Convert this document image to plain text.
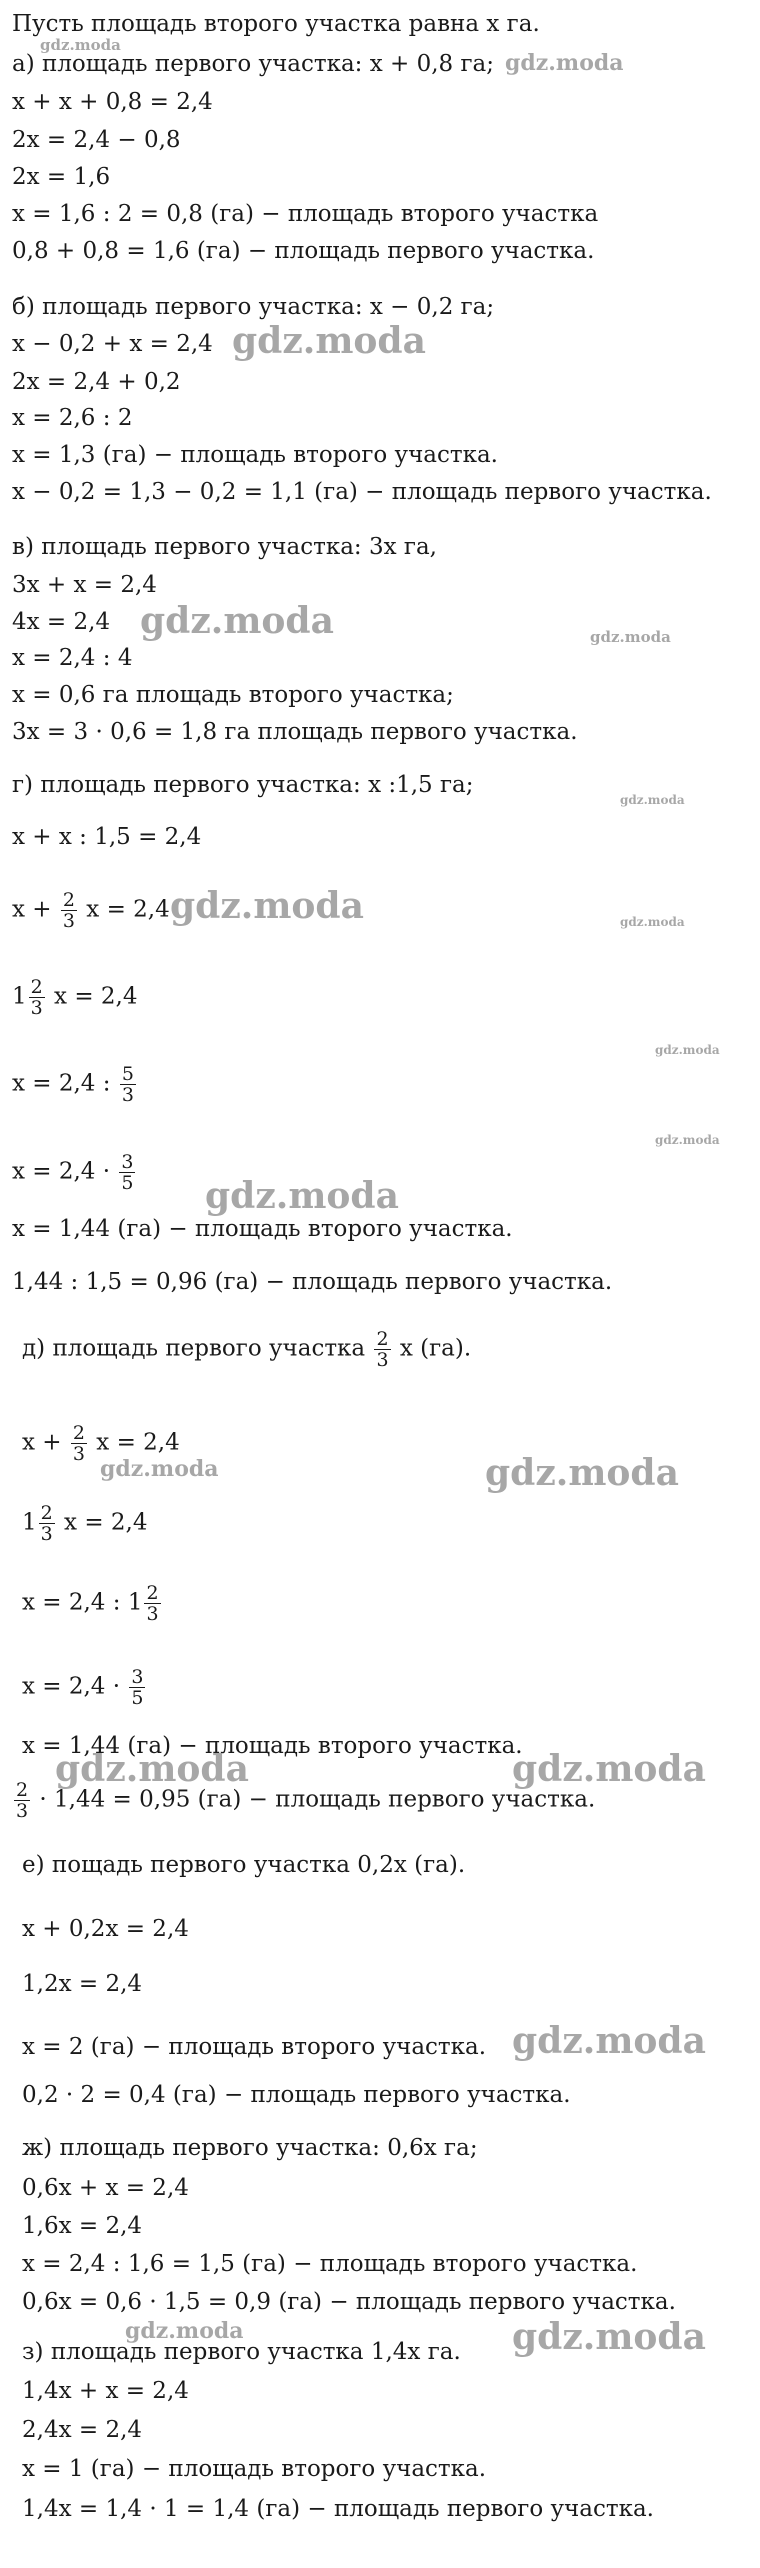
Пусть площадь второго участка равна x га.
а) площадь первого участка: x + 0,8 га;
x + x + 0,8 = 2,4
2x = 2,4 − 0,8
2x = 1,6
x = 1,6 : 2 = 0,8 (га) − площадь второго участка
0,8 + 0,8 = 1,6 (га) − площадь первого участка.
б) площадь первого участка: x − 0,2 га;
x − 0,2 + x = 2,4
2x = 2,4 + 0,2
x = 2,6 : 2
x = 1,3 (га) − площадь второго участка.
x − 0,2 = 1,3 − 0,2 = 1,1 (га) − площадь первого участка.
в) площадь первого участка: 3x га,
3x + x = 2,4
4x = 2,4
x = 2,4 : 4
x = 0,6 га площадь второго участка;
3x = 3 · 0,6 = 1,8 га площадь первого участка.
г) площадь первого участка: x :1,5 га;
x + x : 1,5 = 2,4
$x + \frac{2}{3}$ x = 2,4
$1 \frac{2}{3}$ x = 2,4
x = 2,4 : $\frac{5}{3}$
$x = 2,4 \cdot \frac{3}{5}$
x = 1,44 (га) − площадь второго участка.
1,44 : 1,5 = 0,96 (га) − площадь первого участка.
д) площадь первого участка $\frac{2}{3}$ x (га).
$x + \frac{2}{3}$ x = 2,4
$1 \frac{2}{3}$ x = 2,4
x = 2,4 : $1 \frac{2}{3}$
$x = 2,4 \cdot \frac{3}{5}$
x = 1,44 (га) − площадь второго участка.
$\frac{2}{3} \cdot 1,44 = 0,95$ (га) − площадь первого участка.
е) пощадь первого участка 0,2x (га).
x + 0,2x = 2,4
1,2x = 2,4
x = 2 (га) − площадь второго участка.
0,2 · 2 = 0,4 (га) − площадь первого участка.
ж) площадь первого участка: 0,6x га;
0,6x + x = 2,4
1,6x = 2,4
x = 2,4 : 1,6 = 1,5 (га) − площадь второго участка.
0,6x = 0,6 · 1,5 = 0,9 (га) − площадь первого участка.
з) площадь первого участка 1,4x га.
1,4x + x = 2,4
2,4x = 2,4
x = 1 (га) − площадь второго участка.
1,4x = 1,4 · 1 = 1,4 (га) − площадь первого участка.
gdz.moda
gdz.moda
gdz.moda
gdz.moda	gdz.moda
gdz.moda
gdz.moda	gdz.moda
gdz.moda
gdz.moda
gdz.moda
gdz.moda	gdz.moda
gdz.moda	gdz.moda
gdz.moda
gdz.moda	gdz.moda
